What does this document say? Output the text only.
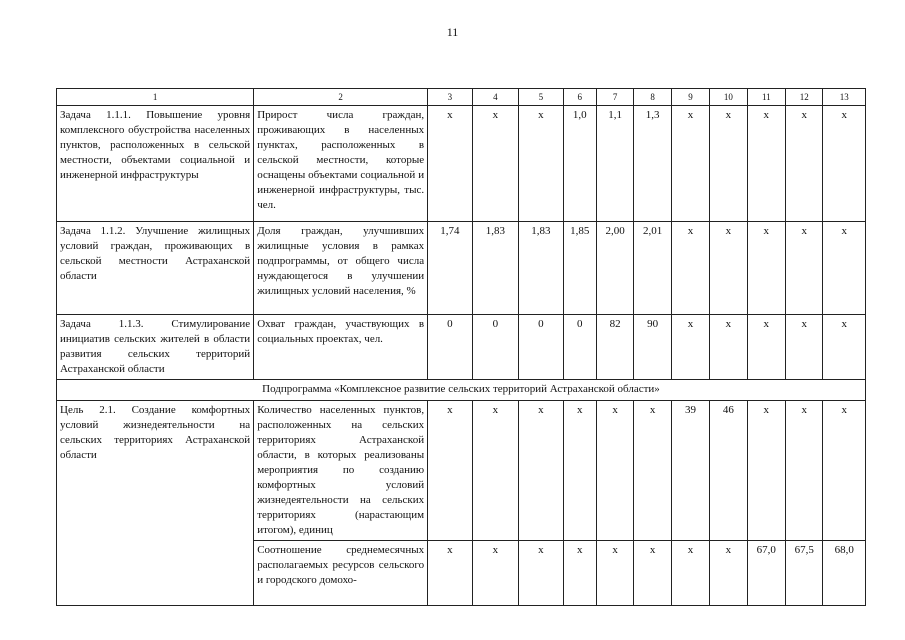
11
1	2	3	4	5	6	7	8	9	10	11	12	13
Задача 1.1.1. Повышение уровня комплексного обустройства населенных пунктов, расположенных в сельской местности, объектами социальной и инженерной инфраструктуры	Прирост числа граждан, проживающих в населенных пунктах, расположенных в сельской местности, которые оснащены объектами социальной и инженерной инфраструктуры, тыс. чел.	х	х	х	1,0	1,1	1,3	х	х	х	х	х
Задача 1.1.2. Улучшение жилищных условий граждан, проживающих в сельской местности Астраханской области	Доля граждан, улучшивших жилищные условия в рамках подпрограммы, от общего числа нуждающегося в улучшении жилищных условий населения, %	1,74	1,83	1,83	1,85	2,00	2,01	х	х	х	х	х
Задача 1.1.3. Стимулирование инициатив сельских жителей в области развития сельских территорий Астраханской области	Охват граждан, участвующих в социальных проектах, чел.	0	0	0	0	82	90	х	х	х	х	х
Подпрограмма «Комплексное развитие сельских территорий Астраханской области»												
Цель 2.1. Создание комфортных условий жизнедеятельности на сельских территориях Астраханской области	Количество населенных пунктов, расположенных на сельских территориях Астраханской области, в которых реализованы мероприятия по созданию комфортных условий жизнедеятельности на сельских территориях (нарастающим итогом), единиц	х	х	х	х	х	х	39	46	х	х	х
	Соотношение среднемесячных располагаемых ресурсов сельского и городского домохо-	х	х	х	х	х	х	х	х	67,0	67,5	68,0
